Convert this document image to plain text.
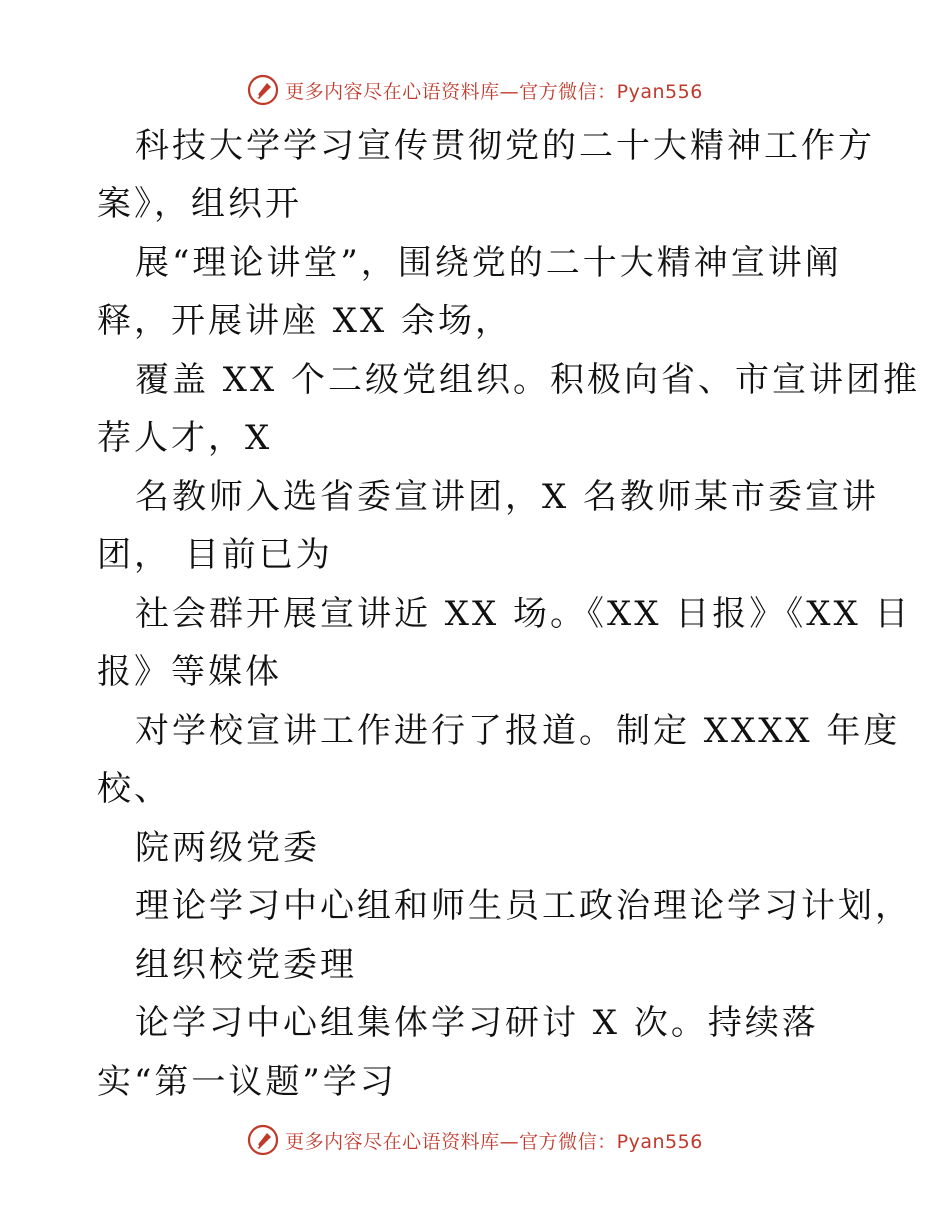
更多内容尽在心语资料库—官方微信：Pyan556
科技大学学习宣传贯彻党的二十大精神工作方
案》，组织开
展“理论讲堂”，围绕党的二十大精神宣讲阐
释，开展讲座 XX 余场，
覆盖 XX 个二级党组织。积极向省、市宣讲团推
荐人才，X
名教师入选省委宣讲团，X 名教师某市委宣讲
团， 目前已为
社会群开展宣讲近 XX 场。《XX 日报》《XX 日
报》等媒体
对学校宣讲工作进行了报道。制定 XXXX 年度
校、
院两级党委
理论学习中心组和师生员工政治理论学习计划，
组织校党委理
论学习中心组集体学习研讨 X 次。持续落
实“第一议题”学习
更多内容尽在心语资料库—官方微信：Pyan556
